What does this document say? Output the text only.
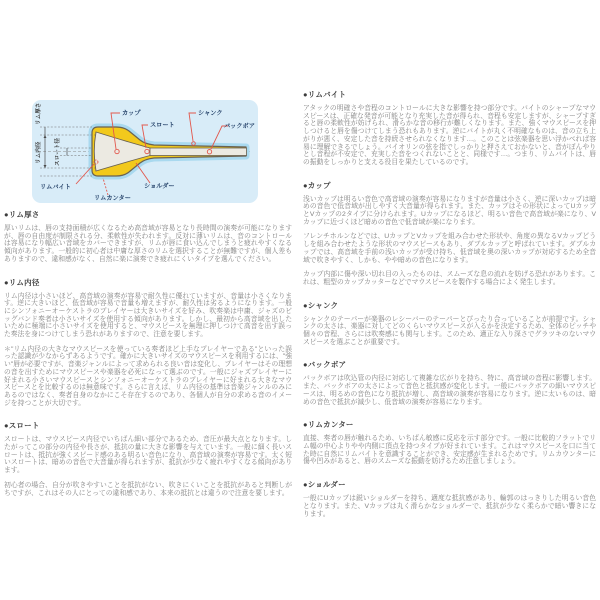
リム厚さ
リム内径	スロート径
カップ
スロート
シャンク
バックボア
リムバイト
リムカンター
ショルダー
●リム厚さ

厚いリムは、唇の支持面積が広くなるため高音域が容易となり長時間の演奏が可能になりますが、唇の自由度が制限される分、柔軟性が失われます。反対に薄いリムは、音のコントロールは容易になり幅広い音域をカバーできますが、リムが唇に食い込んでしまうと疲れやすくなる傾向があります。一般的に初心者は中庸な厚さのリムを選択することが無難ですが、個人差もありますので、違和感がなく、自然に楽に演奏でき疲れにくいタイプを選んでください。

●リム内径

リム内径は小さいほど、高音域の演奏が容易で耐久性に優れていますが、音量は小さくなります。逆に大きいほど、低音域が容易で音量も増えますが、耐久性は劣るようになります。一般にシンフォニーオーケストラのプレイヤーは大きいサイズを好み、吹奏楽は中庸、ジャズのビッグバンド奏者は小さいサイズを使用する傾向があります。しかし、最初から高音域を出したいために極端に小さいサイズを使用すると、マウスピースを無理に押しつけて高音を出す誤った奏法を身につけてしまう恐れがありますので、注意を要します。

＊"リム内径の大きなマウスピースを使っている奏者ほど上手なプレイヤーである"といった誤った認識が少なからずあるようです。確かに大きいサイズのマウスピースを利用するには、"強い"唇が必要ですが、音楽ジャンルによって求められる良い音は変化し、プレイヤーはその理想の音を出すためにマウスピースや楽器を必死になって選ぶのです。一般にジャズプレイヤーに好まれる小さいマウスピースとシンフォニーオーケストラのプレイヤーに好まれる大きなマウスピースとを比較するのは無意味です。さらに言えば、リム内径の基準は音楽ジャンルのみにあるのではなく、奏者自身のなかにこそ存在するのであり、各個人が自分の求める音のイメージを持つことが大切です。

●スロート

スロートは、マウスピース内径でいちばん細い部分であるため、音圧が最大点となります。したがってこの部分の内径や長さが、抵抗の量に大きな影響を与えています。一般に細く長いスロートは、抵抗が強くスピード感のある明るい音色になり、高音域の演奏が容易です。太く短いスロートは、暗めの音色で大音量が得られますが、抵抗が少なく疲れやすくなる傾向があります。

初心者の場合、自分が吹きやすいことを抵抗がない、吹きにくいことを抵抗があると判断しがちですが、これはその人にとっての違和感であり、本来の抵抗とは違うので注意を要します。

●リムバイト

アタックの明確さや音程のコントロールに大きな影響を持つ部分です。バイトのシャープなマウスピースは、正確な発音が可能となり充実した音が得られ、音程も安定しますが、シャープすぎると唇の柔軟性が妨げられ、滑らかな音の移行が難しくなります。また、強くマウスピースを押しつけると唇を傷つけてしまう恐れもあります。逆にバイトが丸く不明確なものは、音の立ち上がりが悪く、安定した音を持続させられなくなります…。このことは弦楽器を思い浮かべれば容易に理解できるでしょう。バイオリンの弦を指でしっかりと押さえておかないと、音がぼんやりとし音程が不安定で、充実した音をつくれないことと、同様です…。つまり、リムバイトは、唇の振動をしっかりと支える役目を果たしているのです。

●カップ

浅いカップは明るい音色で高音域の演奏が容易になりますが音量は小さく、逆に深いカップは暗めの音色で低音域が出しやすく大音量が得られます。また、カップはその形状によってUカップとVカップの2タイプに分けられます。Uカップになるほど、明るい音色で高音域が楽になり、Vカップに近づくほど暗めの音色で低音域が楽になります。

フレンチホルンなどでは、UカップとVカップを組み合わせた形状や、角度の異なるVカップどうしを組み合わせたような形状のマウスピースもあり、ダブルカップと呼ばれています。ダブルカップでは、高音域を手前の浅いカップが受け持ち、低音域を奥の深いカップが対応するため全音域で吹きやすく、しかも、やや暗めの音色になります。

カップ内部に傷や深い切れ目の入ったものは、スムーズな息の流れを妨げる恐れがあります。これは、粗型のカップカッターなどでマウスピースを製作する場合によく発生します。

●シャンク

シャンクのテーパーが楽器のレシーバーのテーパーとぴったり合っていることが前提です。シャンクの太さは、楽器に対してどのくらいマウスピースが入るかを決定するため、全体のピッチや個々の音程、さらには吹奏感にも関与します。このため、適正な入り深さでグラツキのないマウスピースを選ぶことが重要です。

●バックボア

バックボアは吹込管の内径に対応して複雑な広がりを持ち、特に、高音域の音程に影響します。また、バックボアの太さによって音色と抵抗感が変化します。一般にバックボアの細いマウスピースは、明るめの音色になり抵抗が増し、高音域の演奏が容易になります。逆に太いものは、暗めの音色で抵抗が減少し、低音域の演奏が容易になります。

●リムカンター

直接、奏者の唇が触れるため、いちばん敏感に反応を示す部分です。一般に比較的フラットでリム幅の中心よりやや内側に頂点を持つタイプが好まれています。これはマウスピースを口に当てた時に自然にリムバイトを意識することができ、安定感が生まれるためです。リムカウンターに傷や凹みがあると、唇のスムーズな振動を妨げるため注意しましょう。

●ショルダー

一般にUカップは鋭いショルダーを持ち、適度な抵抗感があり、輪郭のはっきりした明るい音色となります。また、Vカップは丸く滑らかなショルダーで、抵抗が少なく柔らかで暗い響きになります。
